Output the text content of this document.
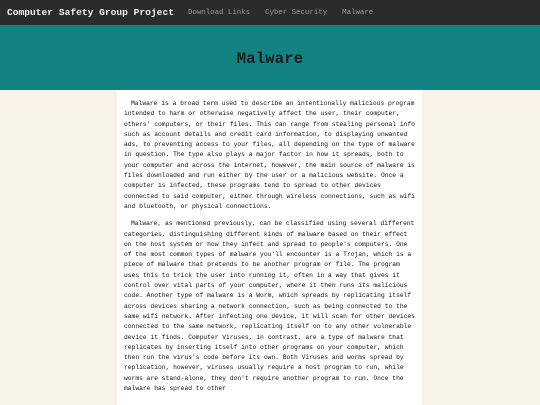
Computer Safety Group Project Download Links Cyber Security Malware
Malware

Malware is a broad term used to describe an intentionally malicious program intended to harm or otherwise negatively affect the user, their computer, others' computers, or their files. This can range from stealing personal info such as account details and credit card information, to displaying unwanted ads, to preventing access to your files, all depending on the type of malware in question. The type also plays a major factor in how it spreads, both to your computer and across the internet, however, the main source of malware is files downloaded and run either by the user or a malicious website. Once a computer is infected, these programs tend to spread to other devices connected to said computer, either through wireless connections, such as wifi and bluetooth, or physical connections.

Malware, as mentioned previously, can be classified using several different categories, distinguishing different kinds of malware based on their effect on the host system or how they infect and spread to people's computers. One of the most common types of malware you'll encounter is a Trojan, which is a piece of malware that pretends to be another program or file. The program uses this to trick the user into running it, often in a way that gives it control over vital parts of your computer, where it then runs its malicious code. Another type of malware is a Worm, which spreads by replicating itself across devices sharing a network connection, such as being connected to the same wifi network. After infecting one device, it will scan for other devices connected to the same network, replicating itself on to any other vulnerable device it finds. Computer Viruses, in contrast, are a type of malware that replicates by inserting itself into other programs on your computer, which then run the virus's code before its own. Both Viruses and worms spread by replication, however, viruses usually require a host program to run, while worms are stand-alone, they don't require another program to run. Once the malware has spread to other
